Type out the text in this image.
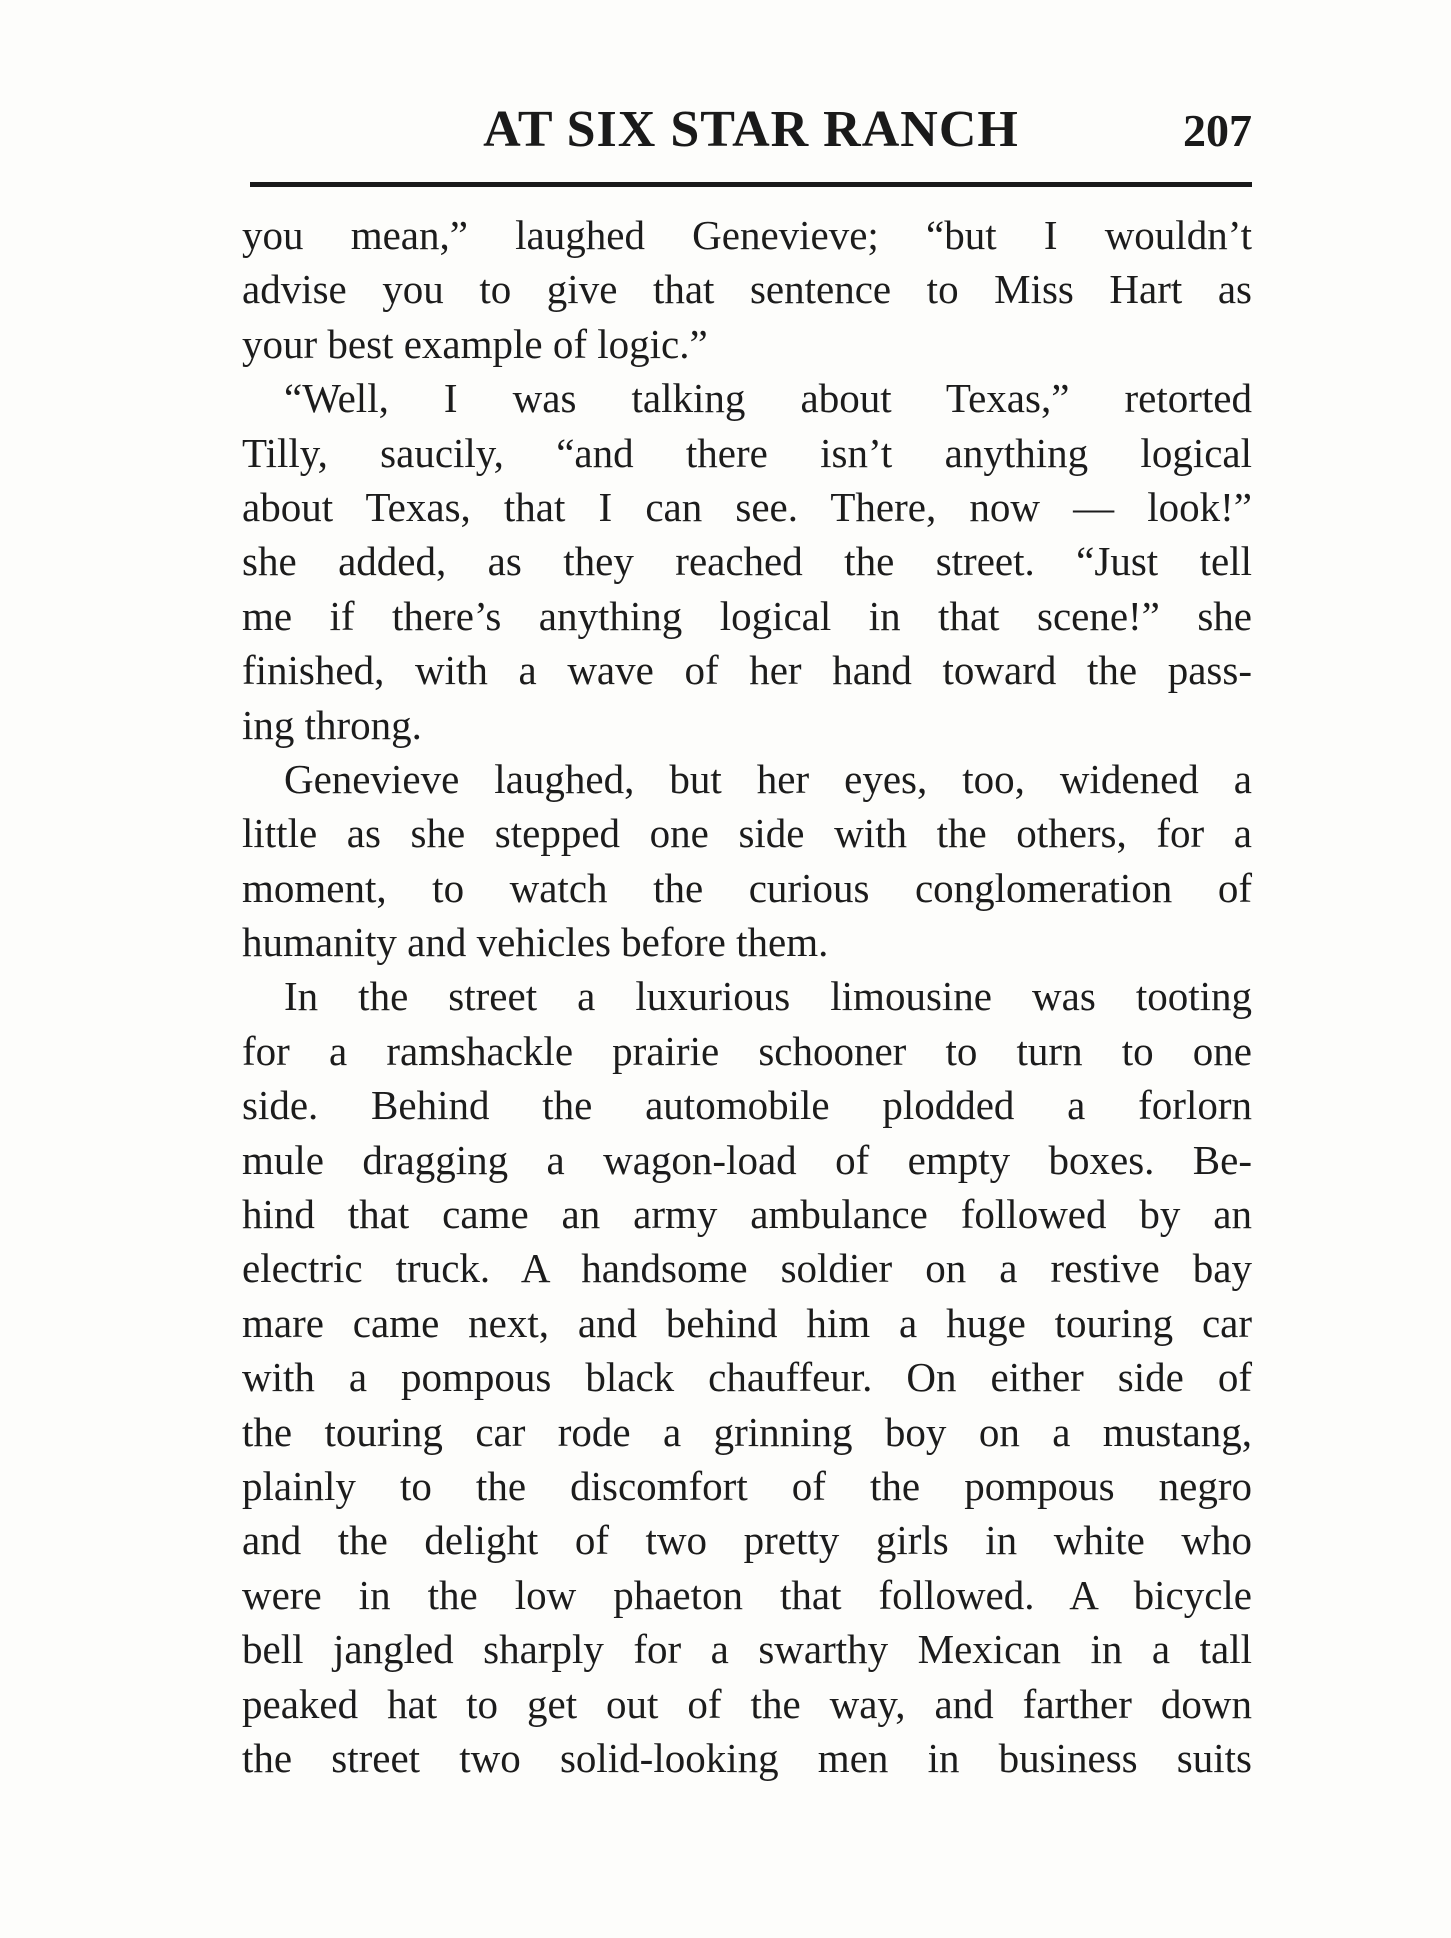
AT SIX STAR RANCH	207
you mean,” laughed Genevieve; “but I wouldn’t
advise you to give that sentence to Miss Hart as
your best example of logic.”
“Well, I was talking about Texas,” retorted
Tilly, saucily, “and there isn’t anything logical
about Texas, that I can see. There, now — look!”
she added, as they reached the street. “Just tell
me if there’s anything logical in that scene!” she
finished, with a wave of her hand toward the pass-
ing throng.
Genevieve laughed, but her eyes, too, widened a
little as she stepped one side with the others, for a
moment, to watch the curious conglomeration of
humanity and vehicles before them.
In the street a luxurious limousine was tooting
for a ramshackle prairie schooner to turn to one
side. Behind the automobile plodded a forlorn
mule dragging a wagon-load of empty boxes. Be-
hind that came an army ambulance followed by an
electric truck. A handsome soldier on a restive bay
mare came next, and behind him a huge touring car
with a pompous black chauffeur. On either side of
the touring car rode a grinning boy on a mustang,
plainly to the discomfort of the pompous negro
and the delight of two pretty girls in white who
were in the low phaeton that followed. A bicycle
bell jangled sharply for a swarthy Mexican in a tall
peaked hat to get out of the way, and farther down
the street two solid-looking men in business suits
